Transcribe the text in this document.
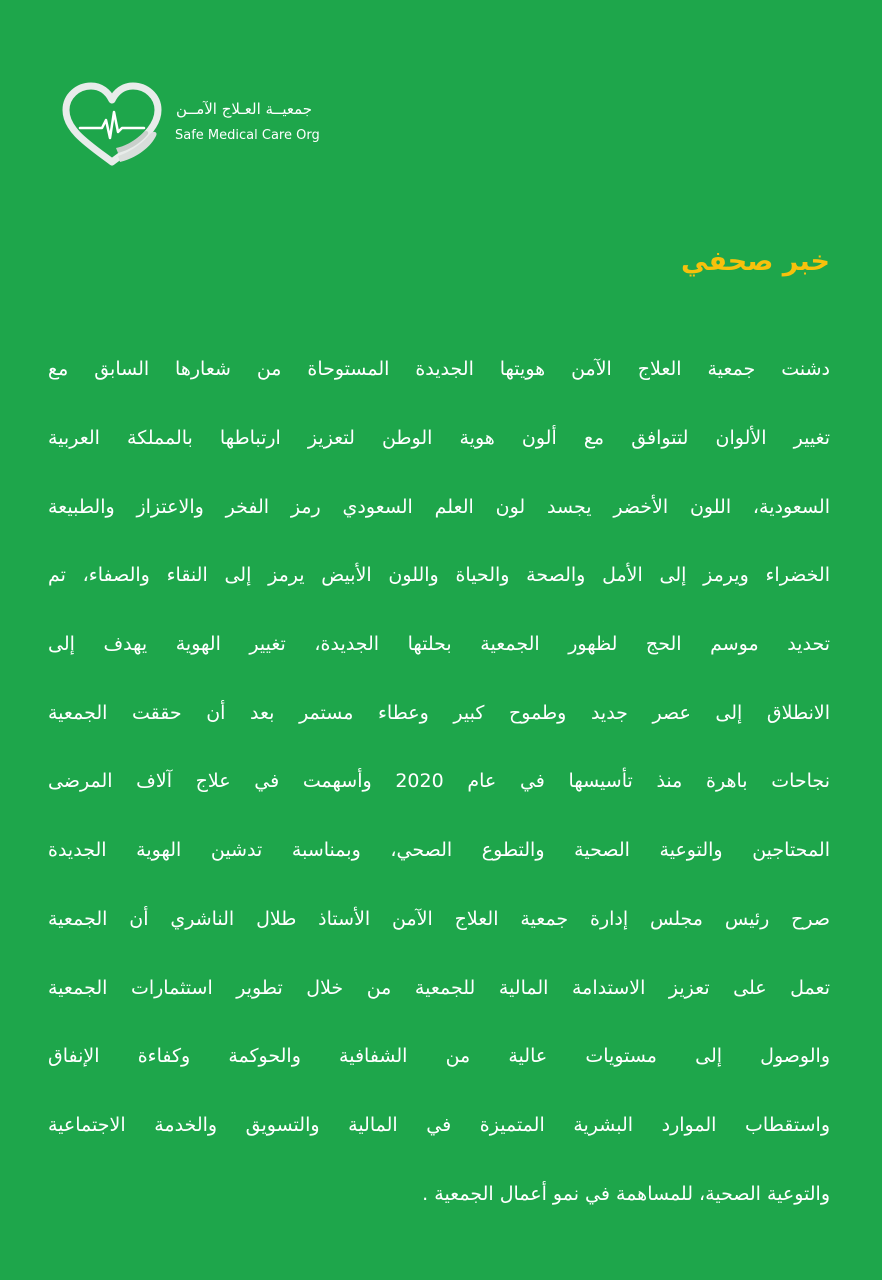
جمعيــة العـلاج الآمــن
Safe Medical Care Org
خبر صحفي
دشنت جمعية العلاج الآمن هويتها الجديدة المستوحاة من شعارها السابق مع
تغيير الألوان لتتوافق مع ألون هوية الوطن لتعزيز ارتباطها بالمملكة العربية
السعودية، اللون الأخضر يجسد لون العلم السعودي رمز الفخر والاعتزاز والطبيعة
الخضراء ويرمز إلى الأمل والصحة والحياة واللون الأبيض يرمز إلى النقاء والصفاء، تم
تحديد موسم الحج لظهور الجمعية بحلتها الجديدة، تغيير الهوية يهدف إلى
الانطلاق إلى عصر جديد وطموح كبير وعطاء مستمر بعد أن حققت الجمعية
نجاحات باهرة منذ تأسيسها في عام 2020 وأسهمت في علاج آلاف المرضى
المحتاجين والتوعية الصحية والتطوع الصحي، وبمناسبة تدشين الهوية الجديدة
صرح رئيس مجلس إدارة جمعية العلاج الآمن الأستاذ طلال الناشري أن الجمعية
تعمل على تعزيز الاستدامة المالية للجمعية من خلال تطوير استثمارات الجمعية
والوصول إلى مستويات عالية من الشفافية والحوكمة وكفاءة الإنفاق
واستقطاب الموارد البشرية المتميزة في المالية والتسويق والخدمة الاجتماعية
والتوعية الصحية، للمساهمة في نمو أعمال الجمعية .
